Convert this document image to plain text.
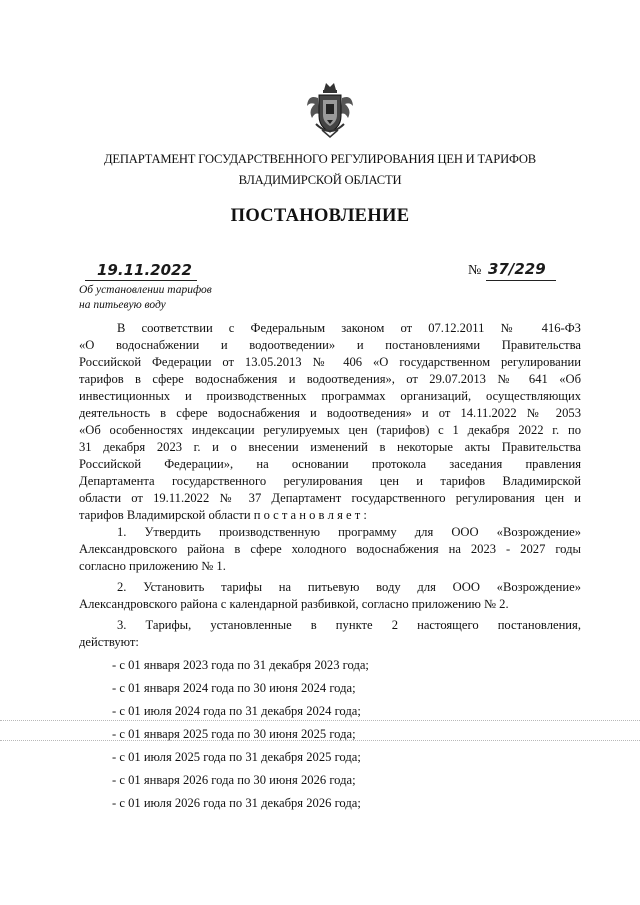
ДЕПАРТАМЕНТ ГОСУДАРСТВЕННОГО РЕГУЛИРОВАНИЯ ЦЕН И ТАРИФОВ
ВЛАДИМИРСКОЙ ОБЛАСТИ
ПОСТАНОВЛЕНИЕ
19.11.2022	№ 37/229
Об установлении тарифов
на питьевую воду
В соответствии с Федеральным законом от 07.12.2011 № 416-ФЗ
«О водоснабжении и водоотведении» и постановлениями Правительства
Российской Федерации от 13.05.2013 № 406 «О государственном регулировании
тарифов в сфере водоснабжения и водоотведения», от 29.07.2013 № 641 «Об
инвестиционных и производственных программах организаций, осуществляющих
деятельность в сфере водоснабжения и водоотведения» и от 14.11.2022 № 2053
«Об особенностях индексации регулируемых цен (тарифов) с 1 декабря 2022 г. по
31 декабря 2023 г. и о внесении изменений в некоторые акты Правительства
Российской Федерации», на основании протокола заседания правления
Департамента государственного регулирования цен и тарифов Владимирской
области от 19.11.2022 № 37 Департамент государственного регулирования цен и
тарифов Владимирской области п о с т а н о в л я е т :
1. Утвердить производственную программу для ООО «Возрождение»
Александровского района в сфере холодного водоснабжения на 2023 - 2027 годы
согласно приложению № 1.
2. Установить тарифы на питьевую воду для ООО «Возрождение»
Александровского района с календарной разбивкой, согласно приложению № 2.
3. Тарифы, установленные в пункте 2 настоящего постановления,
действуют:
- с 01 января 2023 года по 31 декабря 2023 года;
- с 01 января 2024 года по 30 июня 2024 года;
- с 01 июля 2024 года по 31 декабря 2024 года;
- с 01 января 2025 года по 30 июня 2025 года;
- с 01 июля 2025 года по 31 декабря 2025 года;
- с 01 января 2026 года по 30 июня 2026 года;
- с 01 июля 2026 года по 31 декабря 2026 года;
